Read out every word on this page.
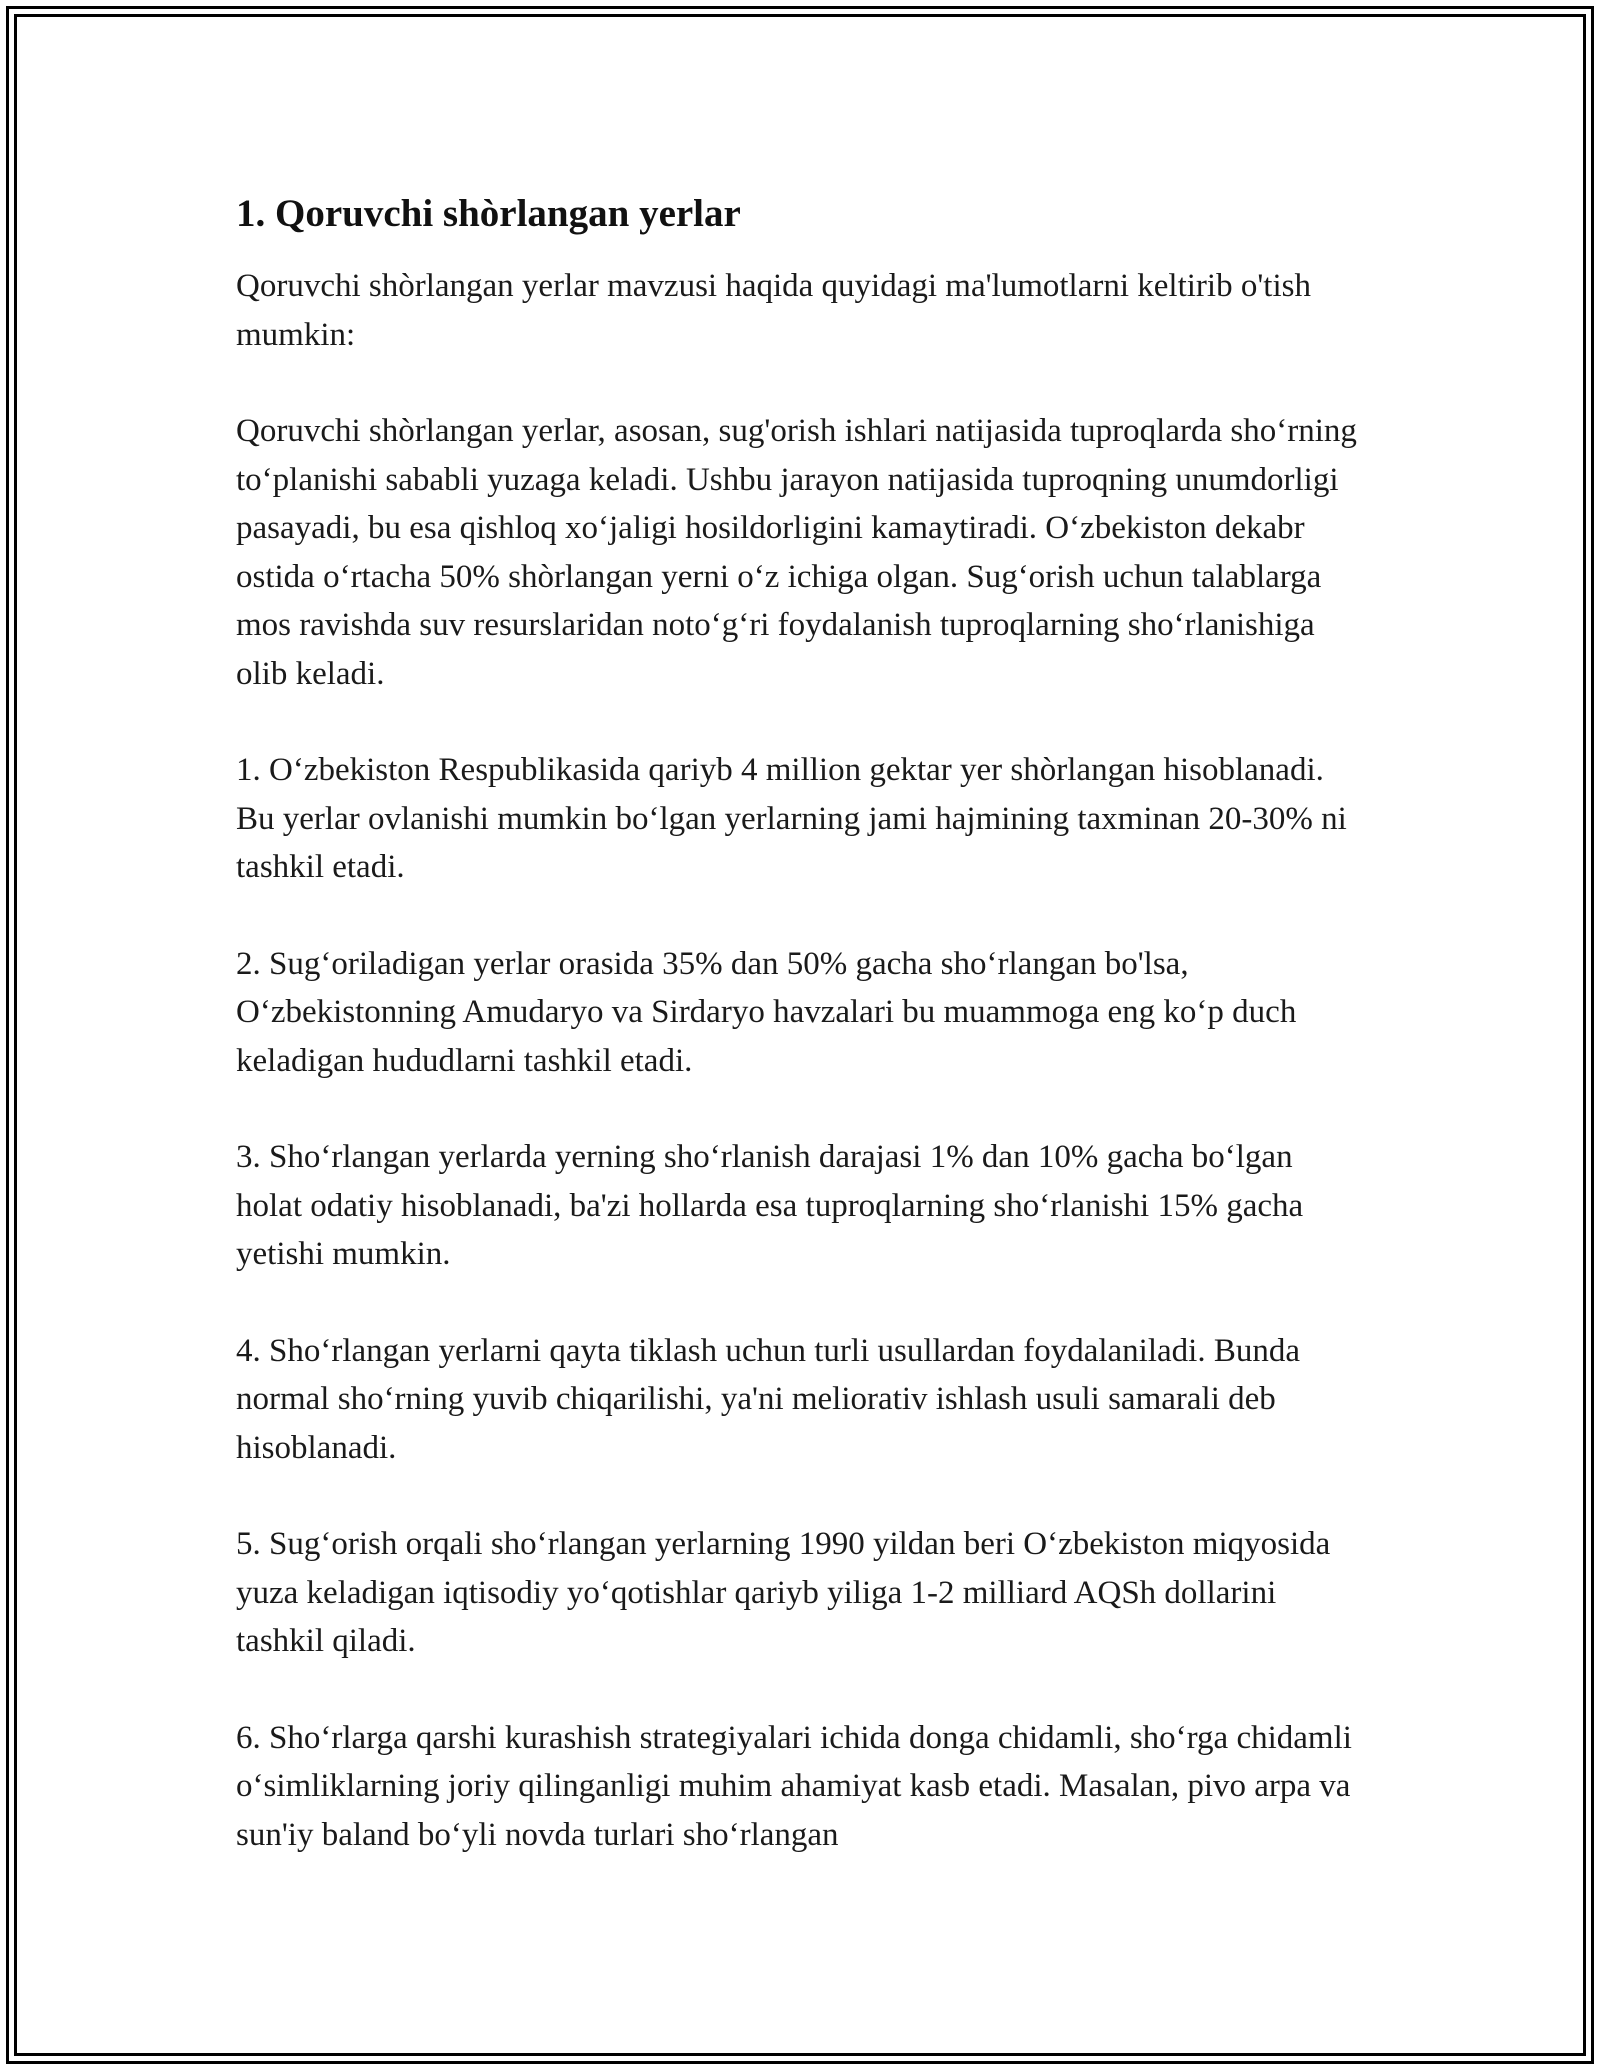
1. Qoruvchi shòrlangan yerlar

Qoruvchi shòrlangan yerlar mavzusi haqida quyidagi ma'lumotlarni keltirib o'tish mumkin:

Qoruvchi shòrlangan yerlar, asosan, sug'orish ishlari natijasida tuproqlarda sho‘rning to‘planishi sababli yuzaga keladi. Ushbu jarayon natijasida tuproqning unumdorligi pasayadi, bu esa qishloq xo‘jaligi hosildorligini kamaytiradi. O‘zbekiston dekabr ostida o‘rtacha 50% shòrlangan yerni o‘z ichiga olgan. Sug‘orish uchun talablarga mos ravishda suv resurslaridan noto‘g‘ri foydalanish tuproqlarning sho‘rlanishiga olib keladi.

1. O‘zbekiston Respublikasida qariyb 4 million gektar yer shòrlangan hisoblanadi. Bu yerlar ovlanishi mumkin bo‘lgan yerlarning jami hajmining taxminan 20-30% ni tashkil etadi.

2. Sug‘oriladigan yerlar orasida 35% dan 50% gacha sho‘rlangan bo'lsa, O‘zbekistonning Amudaryo va Sirdaryo havzalari bu muammoga eng ko‘p duch keladigan hududlarni tashkil etadi.

3. Sho‘rlangan yerlarda yerning sho‘rlanish darajasi 1% dan 10% gacha bo‘lgan holat odatiy hisoblanadi, ba'zi hollarda esa tuproqlarning sho‘rlanishi 15% gacha yetishi mumkin.

4. Sho‘rlangan yerlarni qayta tiklash uchun turli usullardan foydalaniladi. Bunda normal sho‘rning yuvib chiqarilishi, ya'ni meliorativ ishlash usuli samarali deb hisoblanadi.

5. Sug‘orish orqali sho‘rlangan yerlarning 1990 yildan beri O‘zbekiston miqyosida yuza keladigan iqtisodiy yo‘qotishlar qariyb yiliga 1-2 milliard AQSh dollarini tashkil qiladi.

6. Sho‘rlarga qarshi kurashish strategiyalari ichida donga chidamli, sho‘rga chidamli o‘simliklarning joriy qilinganligi muhim ahamiyat kasb etadi. Masalan, pivo arpa va sun'iy baland bo‘yli novda turlari sho‘rlangan
